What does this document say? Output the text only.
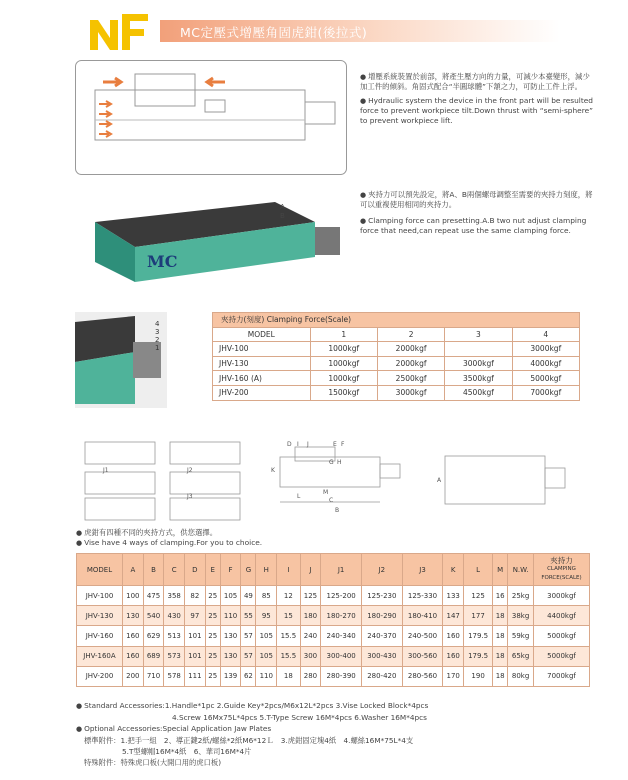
MC定壓式增壓角固虎鉗(後拉式)

● 增壓系統裝置於前部，將產生壓方向的力量，可減少本臺變形，減少加工件的傾斜。角固式配合“半圓球體”下頷之力，可防止工件上浮。

● Hydraulic system the device in the front part will be resulted force to prevent workpiece tilt.Down thrust with “semi-sphere” to prevent workpiece lift.

MC
A
B

● 夾持力可以預先設定，將A、B兩個螺母調整至需要的夾持力刻度，將可以重複使用相同的夾持力。

● Clamping force can presetting.A.B two nut adjust clamping force that need,can repeat use the same clamping force.

4
3
2
1
夾持力(刻度) Clamping Force(Scale)				
MODEL	1	2	3	4
JHV-100	1000kgf	2000kgf		3000kgf
JHV-130	1000kgf	2000kgf	3000kgf	4000kgf
JHV-160 (A)	1000kgf	2500kgf	3500kgf	5000kgf
JHV-200	1500kgf	3000kgf	4500kgf	7000kgf
D I J	E F
G H
K
L
M
C
B
A
J1	J2
J3

● 虎鉗有四種不同的夾持方式，供您選擇。

● Vise have 4 ways of clamping.For you to choice.

MODEL	A	B	C	D	E	F	G	H	I	J	J1	J2	J3	K	L	M	N.W.	夾持力
CLAMPING FORCE(SCALE)

JHV-100	100	475	358	82	25	105	49	85	12	125	125-200	125-230	125-330	133	125	16	25kg	3000kgf
JHV-130	130	540	430	97	25	110	55	95	15	180	180-270	180-290	180-410	147	177	18	38kg	4400kgf
JHV-160	160	629	513	101	25	130	57	105	15.5	240	240-340	240-370	240-500	160	179.5	18	59kg	5000kgf
JHV-160A	160	689	573	101	25	130	57	105	15.5	300	300-400	300-430	300-560	160	179.5	18	65kg	5000kgf
JHV-200	200	710	578	111	25	139	62	110	18	280	280-390	280-420	280-560	170	190	18	80kg	7000kgf

● Standard Accessories:1.Handle*1pc 2.Guide Key*2pcs/M6x12L*2pcs 3.Vise Locked Block*4pcs

4.Screw 16Mx75L*4pcs 5.T-Type Screw 16M*4pcs 6.Washer 16M*4pcs

● Optional Accessories:Special Application Jaw Plates

標準附件：1.把手一組　2、導正鍵2紙/螺絲*2紙M6*12Ｌ　3.虎鉗固定塊4紙　4.螺絲16M*75L*4支

5.T型螺帽16M*4紙　6、華司16M*4片

特殊附件：特殊虎口板(大開口用的虎口板)
